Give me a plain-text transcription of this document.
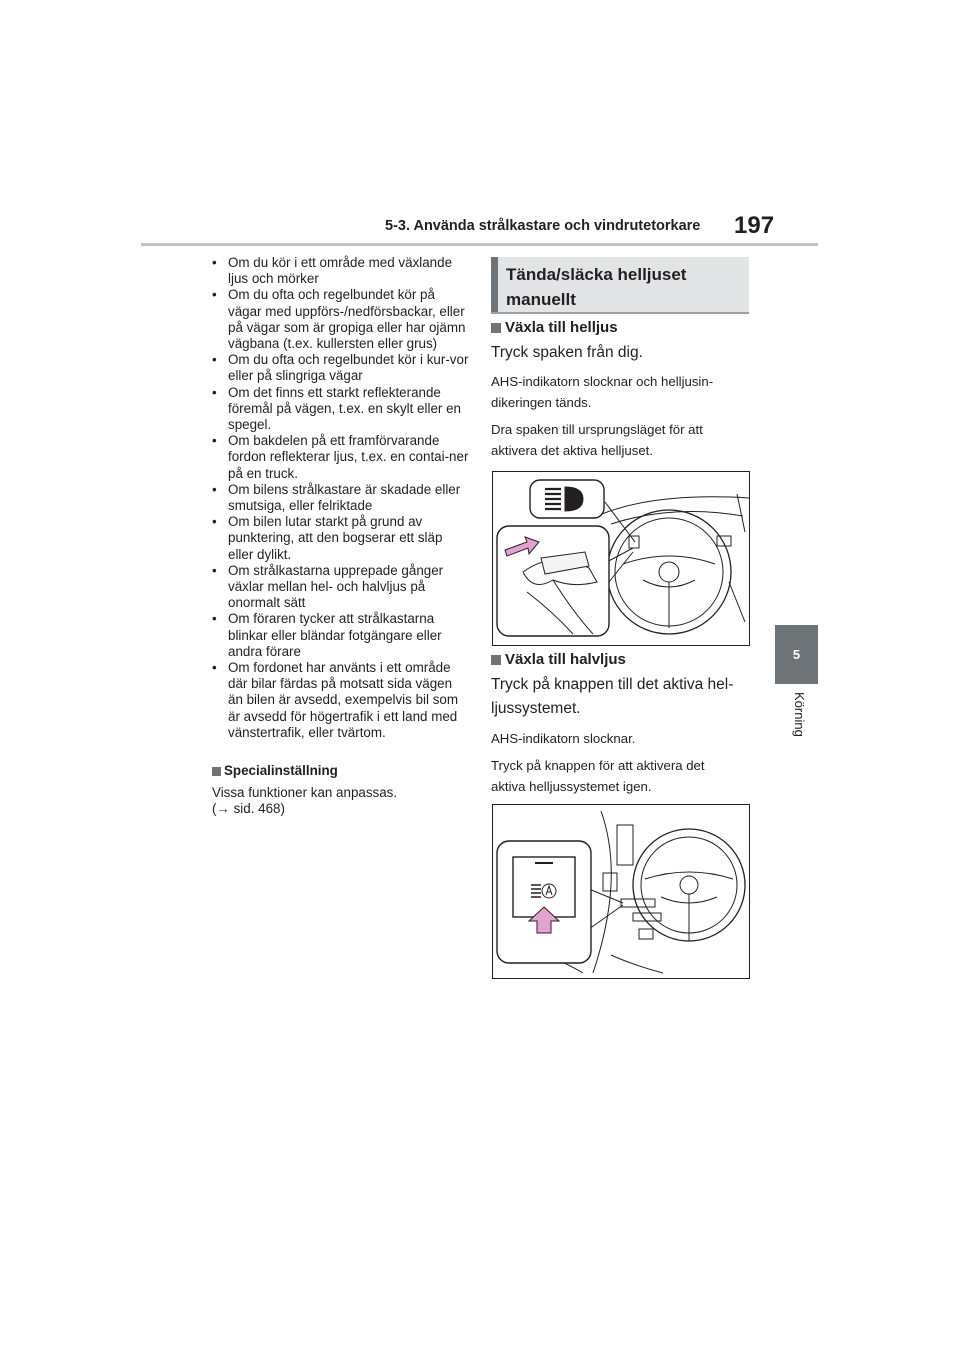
5-3. Använda strålkastare och vindrutetorkare 197
5
Körning
• Om du kör i ett område med växlande ljus och mörker
• Om du ofta och regelbundet kör på vägar med uppförs-/nedförsbackar, eller på vägar som är gropiga eller har ojämn vägbana (t.ex. kullersten eller grus)
• Om du ofta och regelbundet kör i kur-vor eller på slingriga vägar
• Om det finns ett starkt reflekterande föremål på vägen, t.ex. en skylt eller en spegel.
• Om bakdelen på ett framförvarande fordon reflekterar ljus, t.ex. en contai-ner på en truck.
• Om bilens strålkastare är skadade eller smutsiga, eller felriktade
• Om bilen lutar starkt på grund av punktering, att den bogserar ett släp eller dylikt.
• Om strålkastarna upprepade gånger växlar mellan hel- och halvljus på onormalt sätt
• Om föraren tycker att strålkastarna blinkar eller bländar fotgängare eller andra förare
• Om fordonet har använts i ett område där bilar färdas på motsatt sida vägen än bilen är avsedd, exempelvis bil som är avsedd för högertrafik i ett land med vänstertrafik, eller tvärtom.
Specialinställning
Vissa funktioner kan anpassas.
(→ sid. 468)
Tända/släcka helljuset
manuellt
Växla till helljus
Tryck spaken från dig.
AHS-indikatorn slocknar och helljusin-
dikeringen tänds.
Dra spaken till ursprungsläget för att
aktivera det aktiva helljuset.
Växla till halvljus
Tryck på knappen till det aktiva hel-
ljussystemet.
AHS-indikatorn slocknar.
Tryck på knappen för att aktivera det
aktiva helljussystemet igen.
